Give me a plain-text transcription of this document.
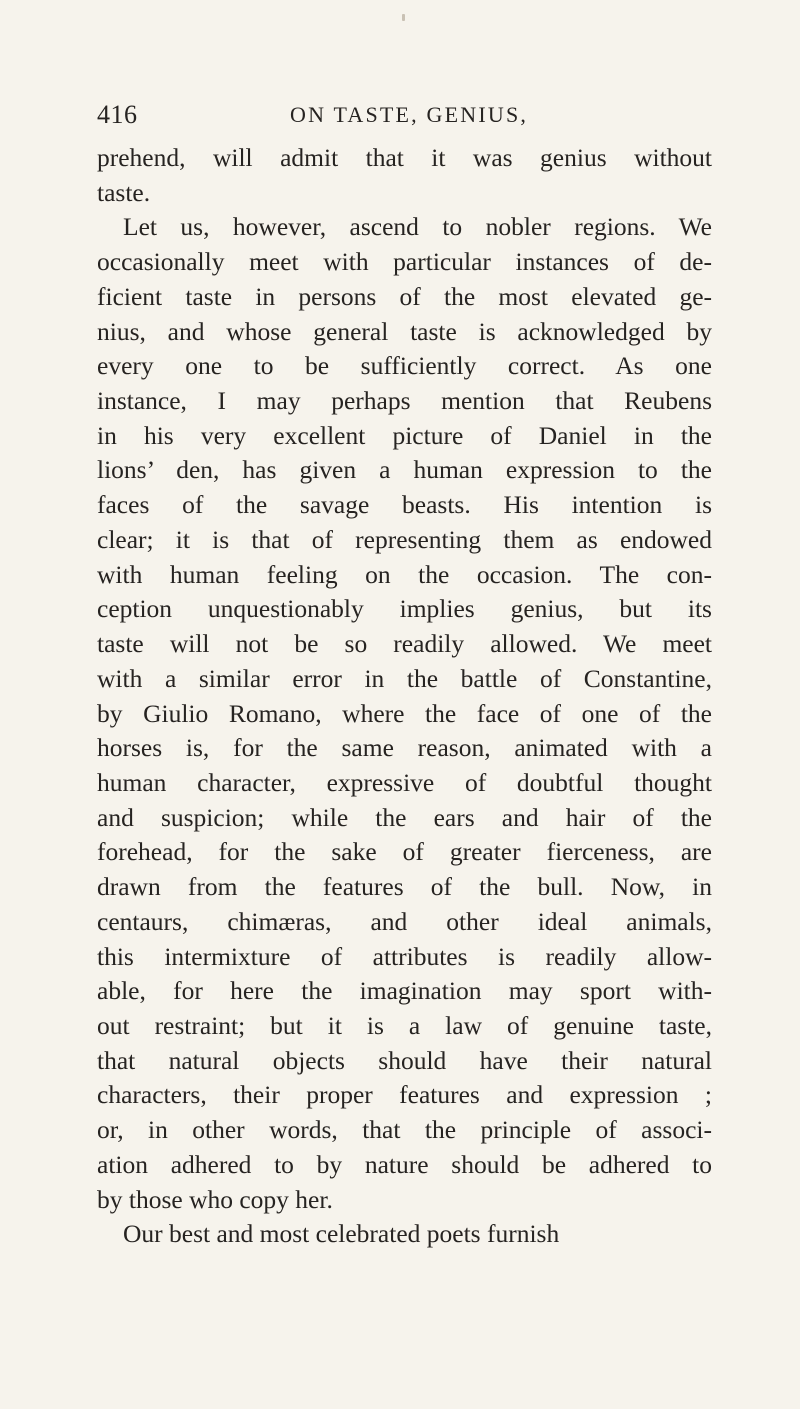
416	ON TASTE, GENIUS,
prehend, will admit that it was genius without
taste.
Let us, however, ascend to nobler regions. We
occasionally meet with particular instances of de-
ficient taste in persons of the most elevated ge-
nius, and whose general taste is acknowledged by
every one to be sufficiently correct. As one
instance, I may perhaps mention that Reubens
in his very excellent picture of Daniel in the
lions’ den, has given a human expression to the
faces of the savage beasts. His intention is
clear; it is that of representing them as endowed
with human feeling on the occasion. The con-
ception unquestionably implies genius, but its
taste will not be so readily allowed. We meet
with a similar error in the battle of Constantine,
by Giulio Romano, where the face of one of the
horses is, for the same reason, animated with a
human character, expressive of doubtful thought
and suspicion; while the ears and hair of the
forehead, for the sake of greater fierceness, are
drawn from the features of the bull. Now, in
centaurs, chimæras, and other ideal animals,
this intermixture of attributes is readily allow-
able, for here the imagination may sport with-
out restraint; but it is a law of genuine taste,
that natural objects should have their natural
characters, their proper features and expression ;
or, in other words, that the principle of associ-
ation adhered to by nature should be adhered to
by those who copy her.
Our best and most celebrated poets furnish
